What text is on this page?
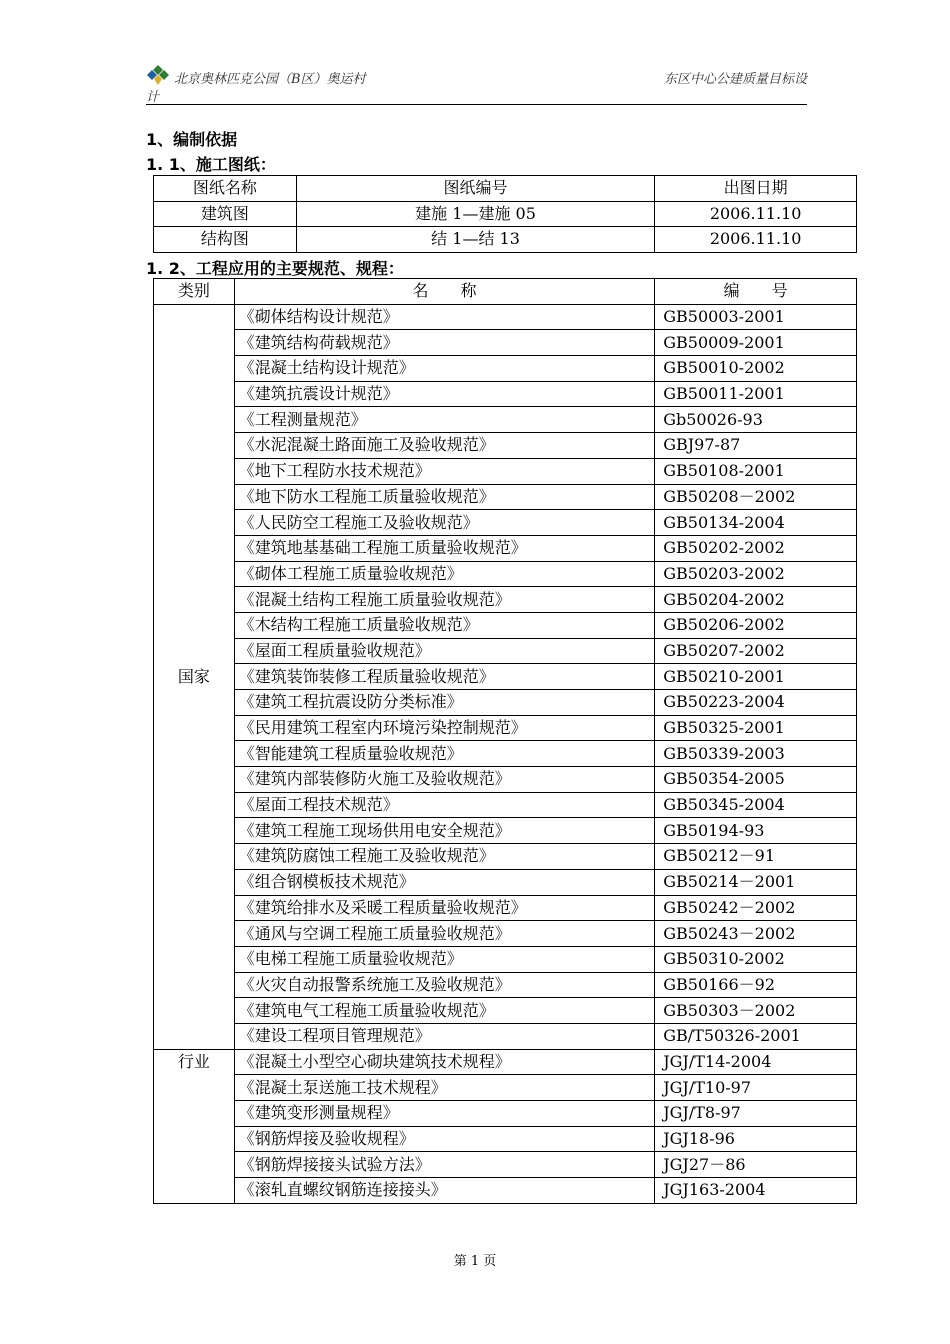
北京奥林匹克公园（B区）奥运村
计
东区中心公建质量目标设
1、编制依据
1. 1、施工图纸：
图纸名称	图纸编号	出图日期
建筑图	建施 1—建施 05	2006.11.10
结构图	结 1—结 13	2006.11.10
1. 2、工程应用的主要规范、规程：
类别	名　　称	编　　号
国家	《砌体结构设计规范》	GB50003-2001
	《建筑结构荷载规范》	GB50009-2001
	《混凝土结构设计规范》	GB50010-2002
	《建筑抗震设计规范》	GB50011-2001
	《工程测量规范》	Gb50026-93
	《水泥混凝土路面施工及验收规范》	GBJ97-87
	《地下工程防水技术规范》	GB50108-2001
	《地下防水工程施工质量验收规范》	GB50208－2002
	《人民防空工程施工及验收规范》	GB50134-2004
	《建筑地基基础工程施工质量验收规范》	GB50202-2002
	《砌体工程施工质量验收规范》	GB50203-2002
	《混凝土结构工程施工质量验收规范》	GB50204-2002
	《木结构工程施工质量验收规范》	GB50206-2002
	《屋面工程质量验收规范》	GB50207-2002
	《建筑装饰装修工程质量验收规范》	GB50210-2001
	《建筑工程抗震设防分类标准》	GB50223-2004
	《民用建筑工程室内环境污染控制规范》	GB50325-2001
	《智能建筑工程质量验收规范》	GB50339-2003
	《建筑内部装修防火施工及验收规范》	GB50354-2005
	《屋面工程技术规范》	GB50345-2004
	《建筑工程施工现场供用电安全规范》	GB50194-93
	《建筑防腐蚀工程施工及验收规范》	GB50212－91
	《组合钢模板技术规范》	GB50214－2001
	《建筑给排水及采暖工程质量验收规范》	GB50242－2002
	《通风与空调工程施工质量验收规范》	GB50243－2002
	《电梯工程施工质量验收规范》	GB50310-2002
	《火灾自动报警系统施工及验收规范》	GB50166－92
	《建筑电气工程施工质量验收规范》	GB50303－2002
	《建设工程项目管理规范》	GB/T50326-2001
行业	《混凝土小型空心砌块建筑技术规程》	JGJ/T14-2004
	《混凝土泵送施工技术规程》	JGJ/T10-97
	《建筑变形测量规程》	JGJ/T8-97
	《钢筋焊接及验收规程》	JGJ18-96
	《钢筋焊接接头试验方法》	JGJ27－86
	《滚轧直螺纹钢筋连接接头》	JGJ163-2004
第 1 页
